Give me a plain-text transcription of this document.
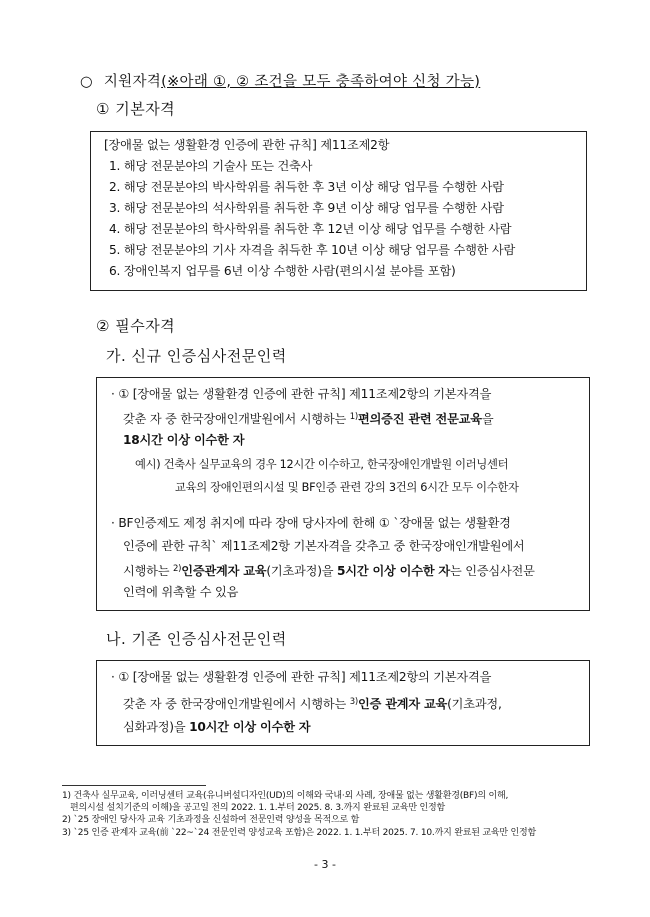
○ 지원자격(※아래 ①, ② 조건을 모두 충족하여야 신청 가능)
① 기본자격
[장애물 없는 생활환경 인증에 관한 규칙] 제11조제2항
1. 해당 전문분야의 기술사 또는 건축사
2. 해당 전문분야의 박사학위를 취득한 후 3년 이상 해당 업무를 수행한 사람
3. 해당 전문분야의 석사학위를 취득한 후 9년 이상 해당 업무를 수행한 사람
4. 해당 전문분야의 학사학위를 취득한 후 12년 이상 해당 업무를 수행한 사람
5. 해당 전문분야의 기사 자격을 취득한 후 10년 이상 해당 업무를 수행한 사람
6. 장애인복지 업무를 6년 이상 수행한 사람(편의시설 분야를 포함)
② 필수자격
가. 신규 인증심사전문인력
· ① [장애물 없는 생활환경 인증에 관한 규칙] 제11조제2항의 기본자격을
갖춘 자 중 한국장애인개발원에서 시행하는 $^{1)}$편의증진 관련 전문교육을
18시간 이상 이수한 자
예시) 건축사 실무교육의 경우 12시간 이수하고, 한국장애인개발원 이러닝센터
교육의 장애인편의시설 및 BF인증 관련 강의 3건의 6시간 모두 이수한자
· BF인증제도 제정 취지에 따라 장애 당사자에 한해 ① `장애물 없는 생활환경
인증에 관한 규칙` 제11조제2항 기본자격을 갖추고 중 한국장애인개발원에서
시행하는 $^{2)}$인증관계자 교육(기초과정)을 5시간 이상 이수한 자는 인증심사전문
인력에 위촉할 수 있음
나. 기존 인증심사전문인력
· ① [장애물 없는 생활환경 인증에 관한 규칙] 제11조제2항의 기본자격을
갖춘 자 중 한국장애인개발원에서 시행하는 $^{3)}$인증 관계자 교육(기초과정,
심화과정)을 10시간 이상 이수한 자
1) 건축사 실무교육, 이러닝센터 교육(유니버설디자인(UD)의 이해와 국내·외 사례, 장애물 없는 생활환경(BF)의 이해,
편의시설 설치기준의 이해)을 공고일 전의 2022. 1. 1.부터 2025. 8. 3.까지 완료된 교육만 인정함
2) `25 장애인 당사자 교육 기초과정을 신설하여 전문인력 양성을 목적으로 함
3) `25 인증 관계자 교육(前 `22~`24 전문인력 양성교육 포함)은 2022. 1. 1.부터 2025. 7. 10.까지 완료된 교육만 인정함
- 3 -
